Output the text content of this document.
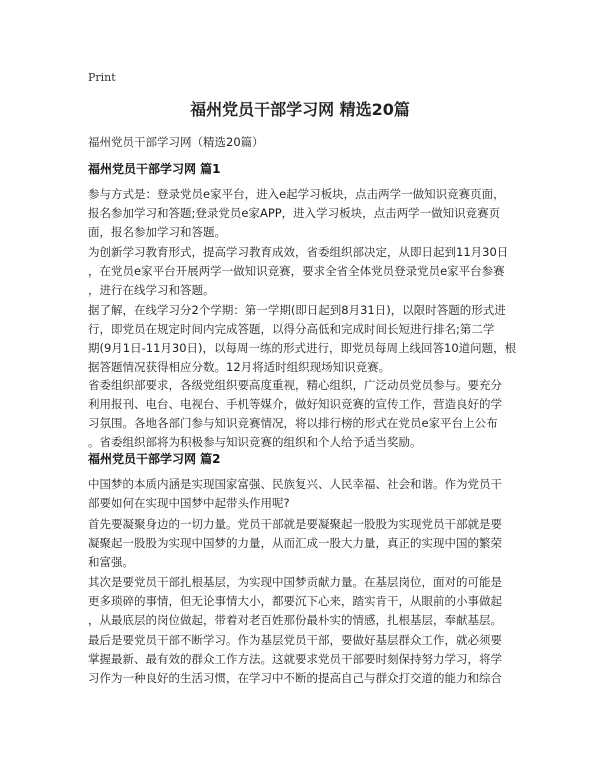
Print
福州党员干部学习网 精选20篇
福州党员干部学习网（精选20篇）
福州党员干部学习网 篇1

参与方式是：登录党员e家平台，进入e起学习板块，点击两学一做知识竞赛页面，
报名参加学习和答题;登录党员e家APP，进入学习板块，点击两学一做知识竞赛页
面，报名参加学习和答题。

为创新学习教育形式，提高学习教育成效，省委组织部决定，从即日起到11月30日
，在党员e家平台开展两学一做知识竞赛，要求全省全体党员登录党员e家平台参赛
，进行在线学习和答题。

据了解，在线学习分2个学期：第一学期(即日起到8月31日)，以限时答题的形式进
行，即党员在规定时间内完成答题，以得分高低和完成时间长短进行排名;第二学
期(9月1日-11月30日)，以每周一练的形式进行，即党员每周上线回答10道问题，根
据答题情况获得相应分数。12月将适时组织现场知识竞赛。

省委组织部要求，各级党组织要高度重视，精心组织，广泛动员党员参与。要充分
利用报刊、电台、电视台、手机等媒介，做好知识竞赛的宣传工作，营造良好的学
习氛围。各地各部门参与知识竞赛情况，将以排行榜的形式在党员e家平台上公布
。省委组织部将为积极参与知识竞赛的组织和个人给予适当奖励。

福州党员干部学习网 篇2

中国梦的本质内涵是实现国家富强、民族复兴、人民幸福、社会和谐。作为党员干
部要如何在实现中国梦中起带头作用呢?

首先要凝聚身边的一切力量。党员干部就是要凝聚起一股股为实现党员干部就是要
凝聚起一股股为实现中国梦的力量，从而汇成一股大力量，真正的实现中国的繁荣
和富强。

其次是要党员干部扎根基层，为实现中国梦贡献力量。在基层岗位，面对的可能是
更多琐碎的事情，但无论事情大小，都要沉下心来，踏实肯干，从眼前的小事做起
，从最底层的岗位做起，带着对老百姓那份最朴实的情感，扎根基层，奉献基层。

最后是要党员干部不断学习。作为基层党员干部，要做好基层群众工作，就必须要
掌握最新、最有效的群众工作方法。这就要求党员干部要时刻保持努力学习，将学
习作为一种良好的生活习惯，在学习中不断的提高自己与群众打交道的能力和综合
